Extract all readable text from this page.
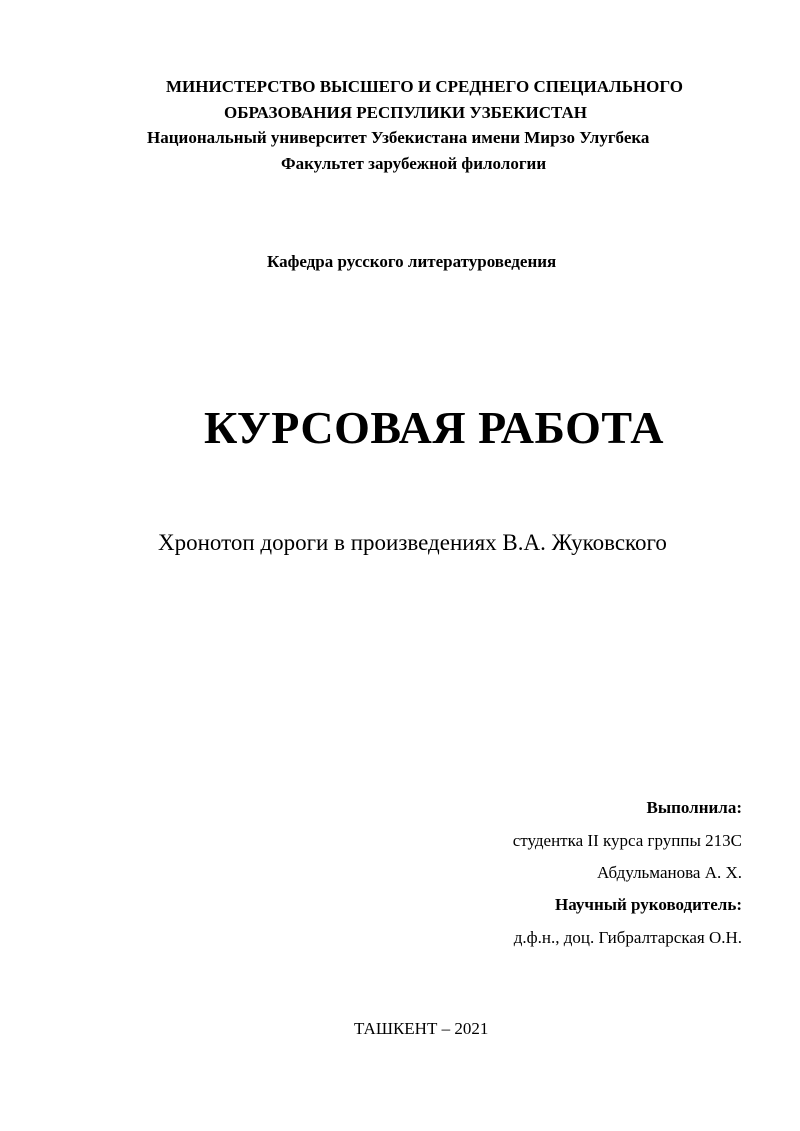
МИНИСТЕРСТВО ВЫСШЕГО И СРЕДНЕГО СПЕЦИАЛЬНОГО

ОБРАЗОВАНИЯ РЕСПУЛИКИ УЗБЕКИСТАН

Национальный университет Узбекистана имени Мирзо Улугбека

Факультет зарубежной филологии

Кафедра русского литературоведения

КУРСОВАЯ РАБОТА

Хронотоп дороги в произведениях В.А. Жуковского

Выполнила:

студентка II курса группы 213С

Абдульманова А. Х.

Научный руководитель:

д.ф.н., доц. Гибралтарская О.Н.

ТАШКЕНТ – 2021
